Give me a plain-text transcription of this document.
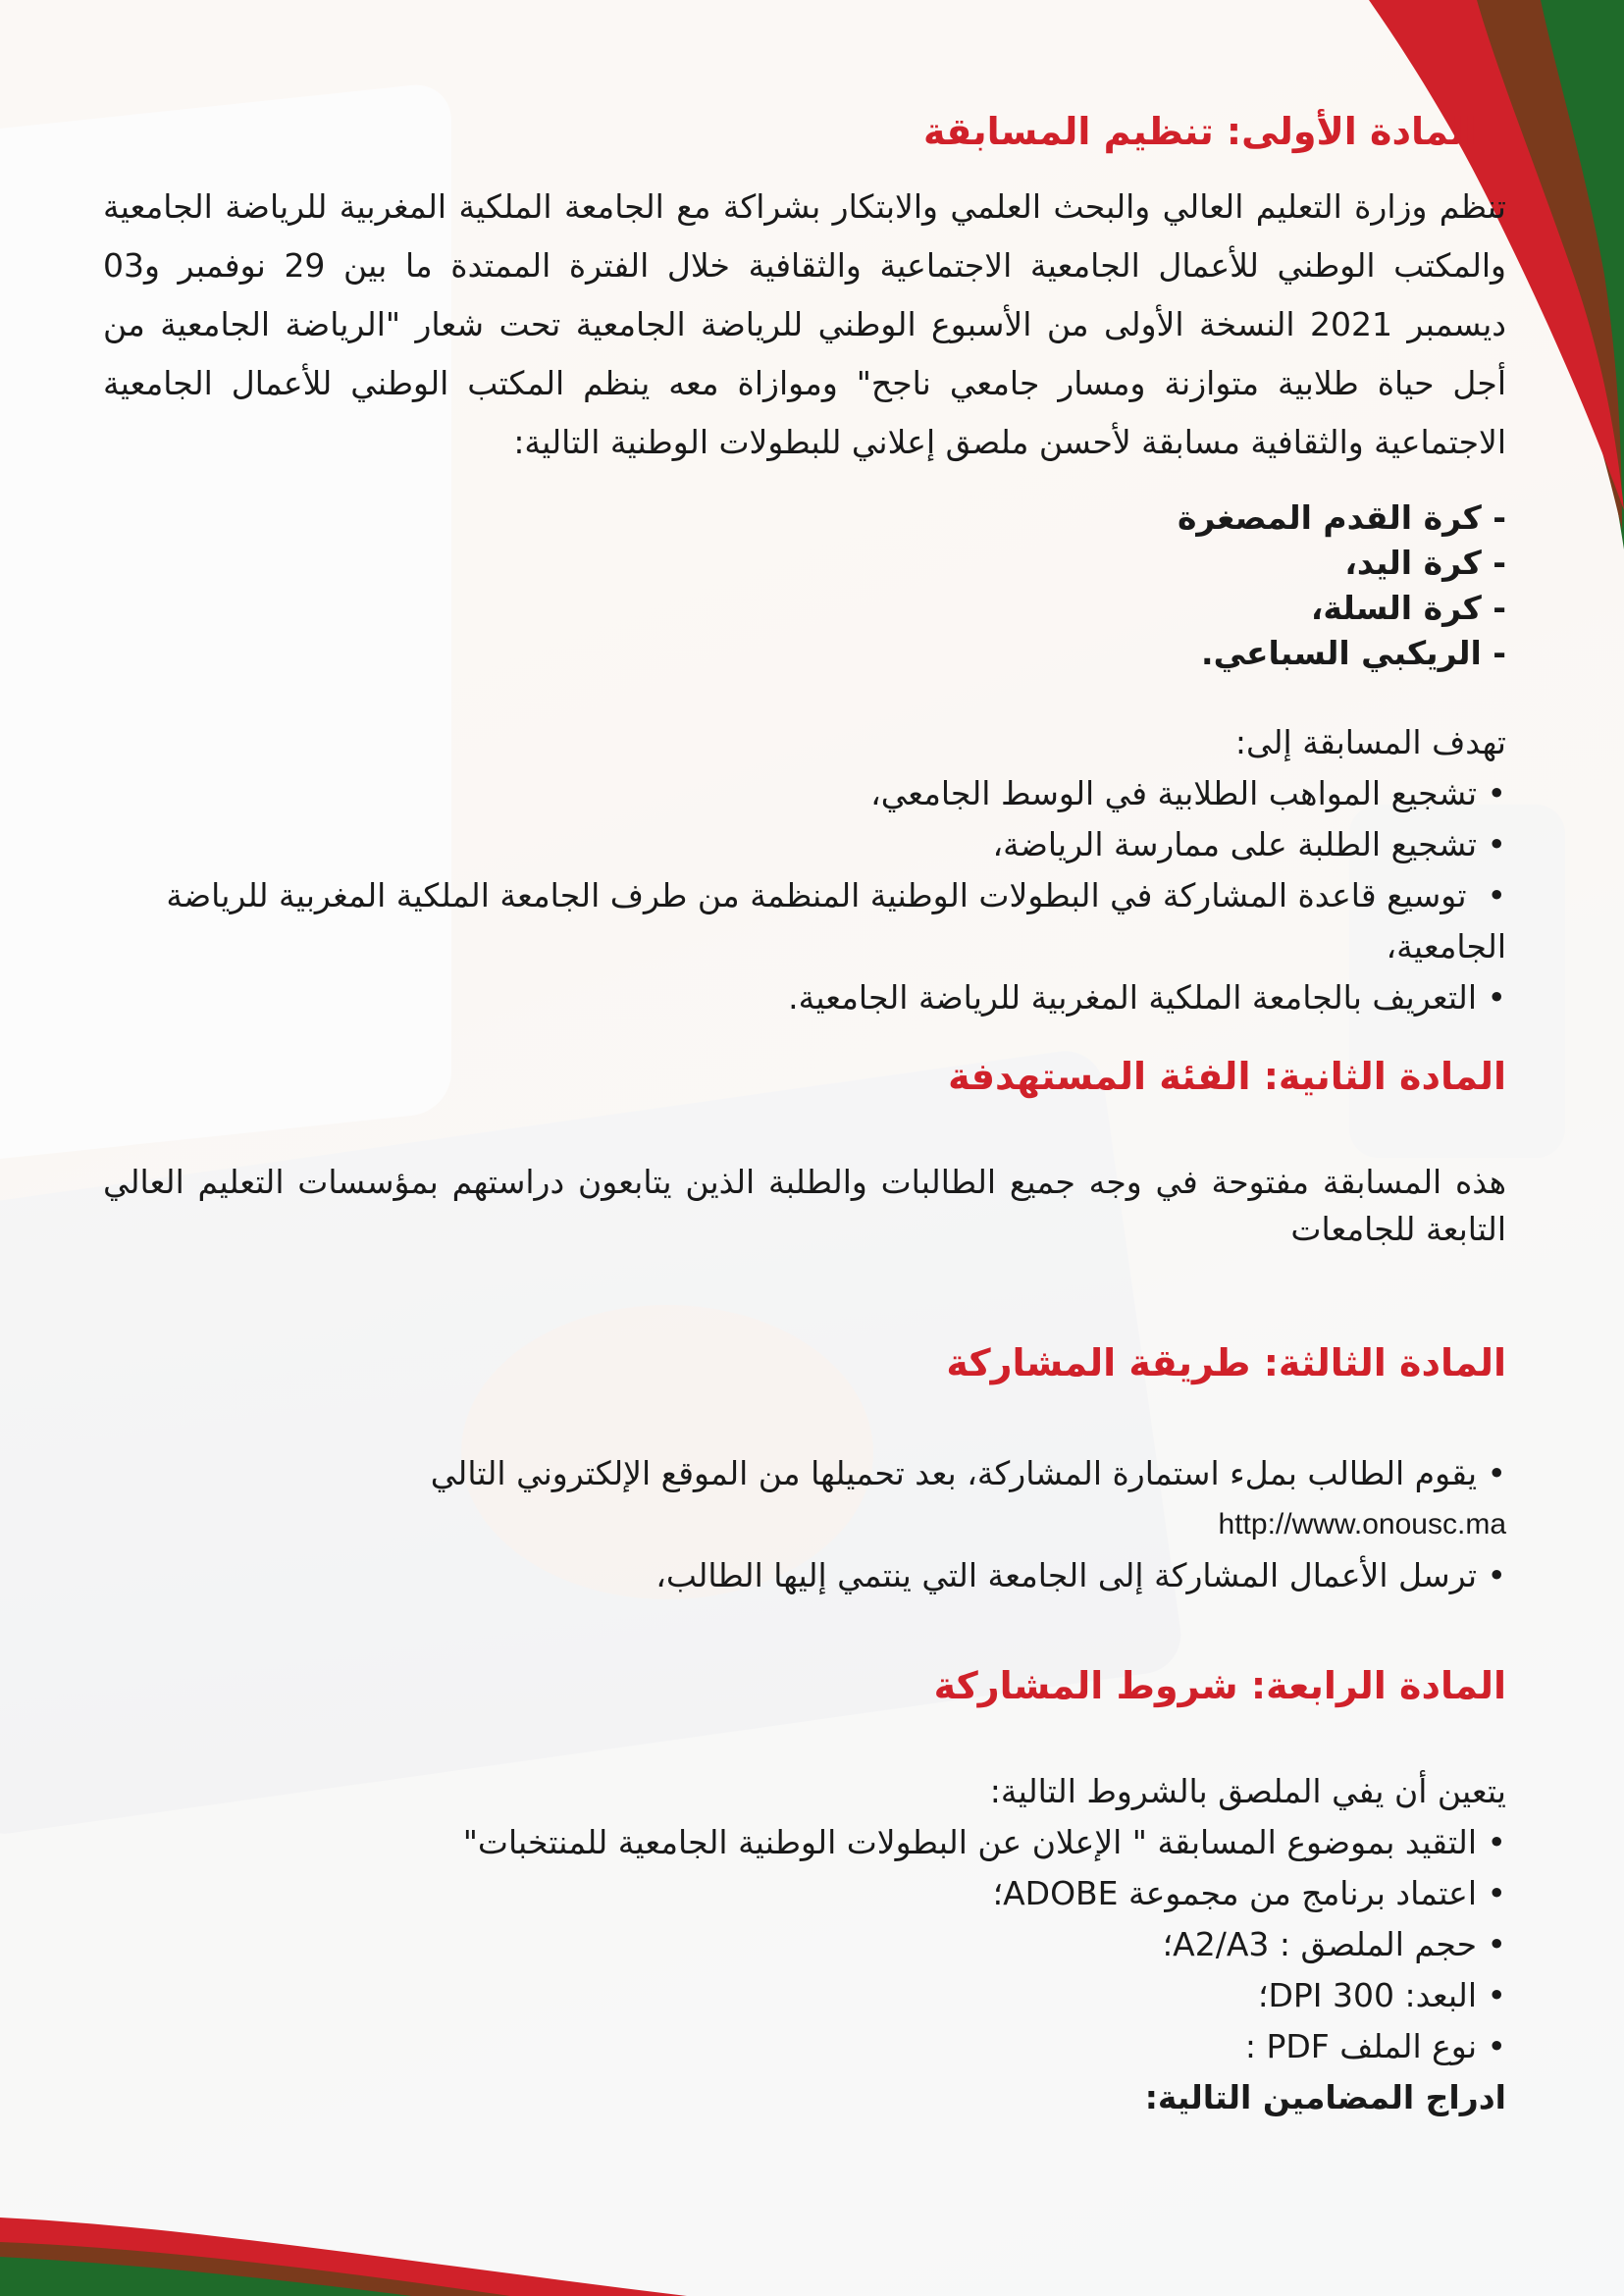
المادة الأولى: تنظيم المسابقة

تنظم وزارة التعليم العالي والبحث العلمي والابتكار بشراكة مع الجامعة الملكية المغربية للرياضة الجامعية والمكتب الوطني للأعمال الجامعية الاجتماعية والثقافية خلال الفترة الممتدة ما بين 29 نوفمبر و03 ديسمبر 2021 النسخة الأولى من الأسبوع الوطني للرياضة الجامعية تحت شعار "الرياضة الجامعية من أجل حياة طلابية متوازنة ومسار جامعي ناجح" وموازاة معه ينظم المكتب الوطني للأعمال الجامعية الاجتماعية والثقافية مسابقة لأحسن ملصق إعلاني للبطولات الوطنية التالية:

- كرة القدم المصغرة
- كرة اليد،
- كرة السلة،
- الريكبي السباعي.

تهدف المسابقة إلى:

• تشجيع المواهب الطلابية في الوسط الجامعي،
• تشجيع الطلبة على ممارسة الرياضة،
•  توسيع قاعدة المشاركة في البطولات الوطنية المنظمة من طرف الجامعة الملكية المغربية للرياضة الجامعية،
• التعريف بالجامعة الملكية المغربية للرياضة الجامعية.
المادة الثانية: الفئة المستهدفة

هذه المسابقة مفتوحة في وجه جميع الطالبات والطلبة الذين يتابعون دراستهم بمؤسسات التعليم العالي التابعة للجامعات

المادة الثالثة: طريقة المشاركة
• يقوم الطالب بملء استمارة المشاركة، بعد تحميلها من الموقع الإلكتروني التالي
http://www.onousc.ma
• ترسل الأعمال المشاركة إلى الجامعة التي ينتمي إليها الطالب،
المادة الرابعة: شروط المشاركة

يتعين أن يفي الملصق بالشروط التالية:

• التقيد بموضوع المسابقة " الإعلان عن البطولات الوطنية الجامعية للمنتخبات"
• اعتماد برنامج من مجموعة ADOBE؛
• حجم الملصق : A2/A3؛
• البعد: DPI 300؛
• نوع الملف PDF :

ادراج المضامين التالية:
